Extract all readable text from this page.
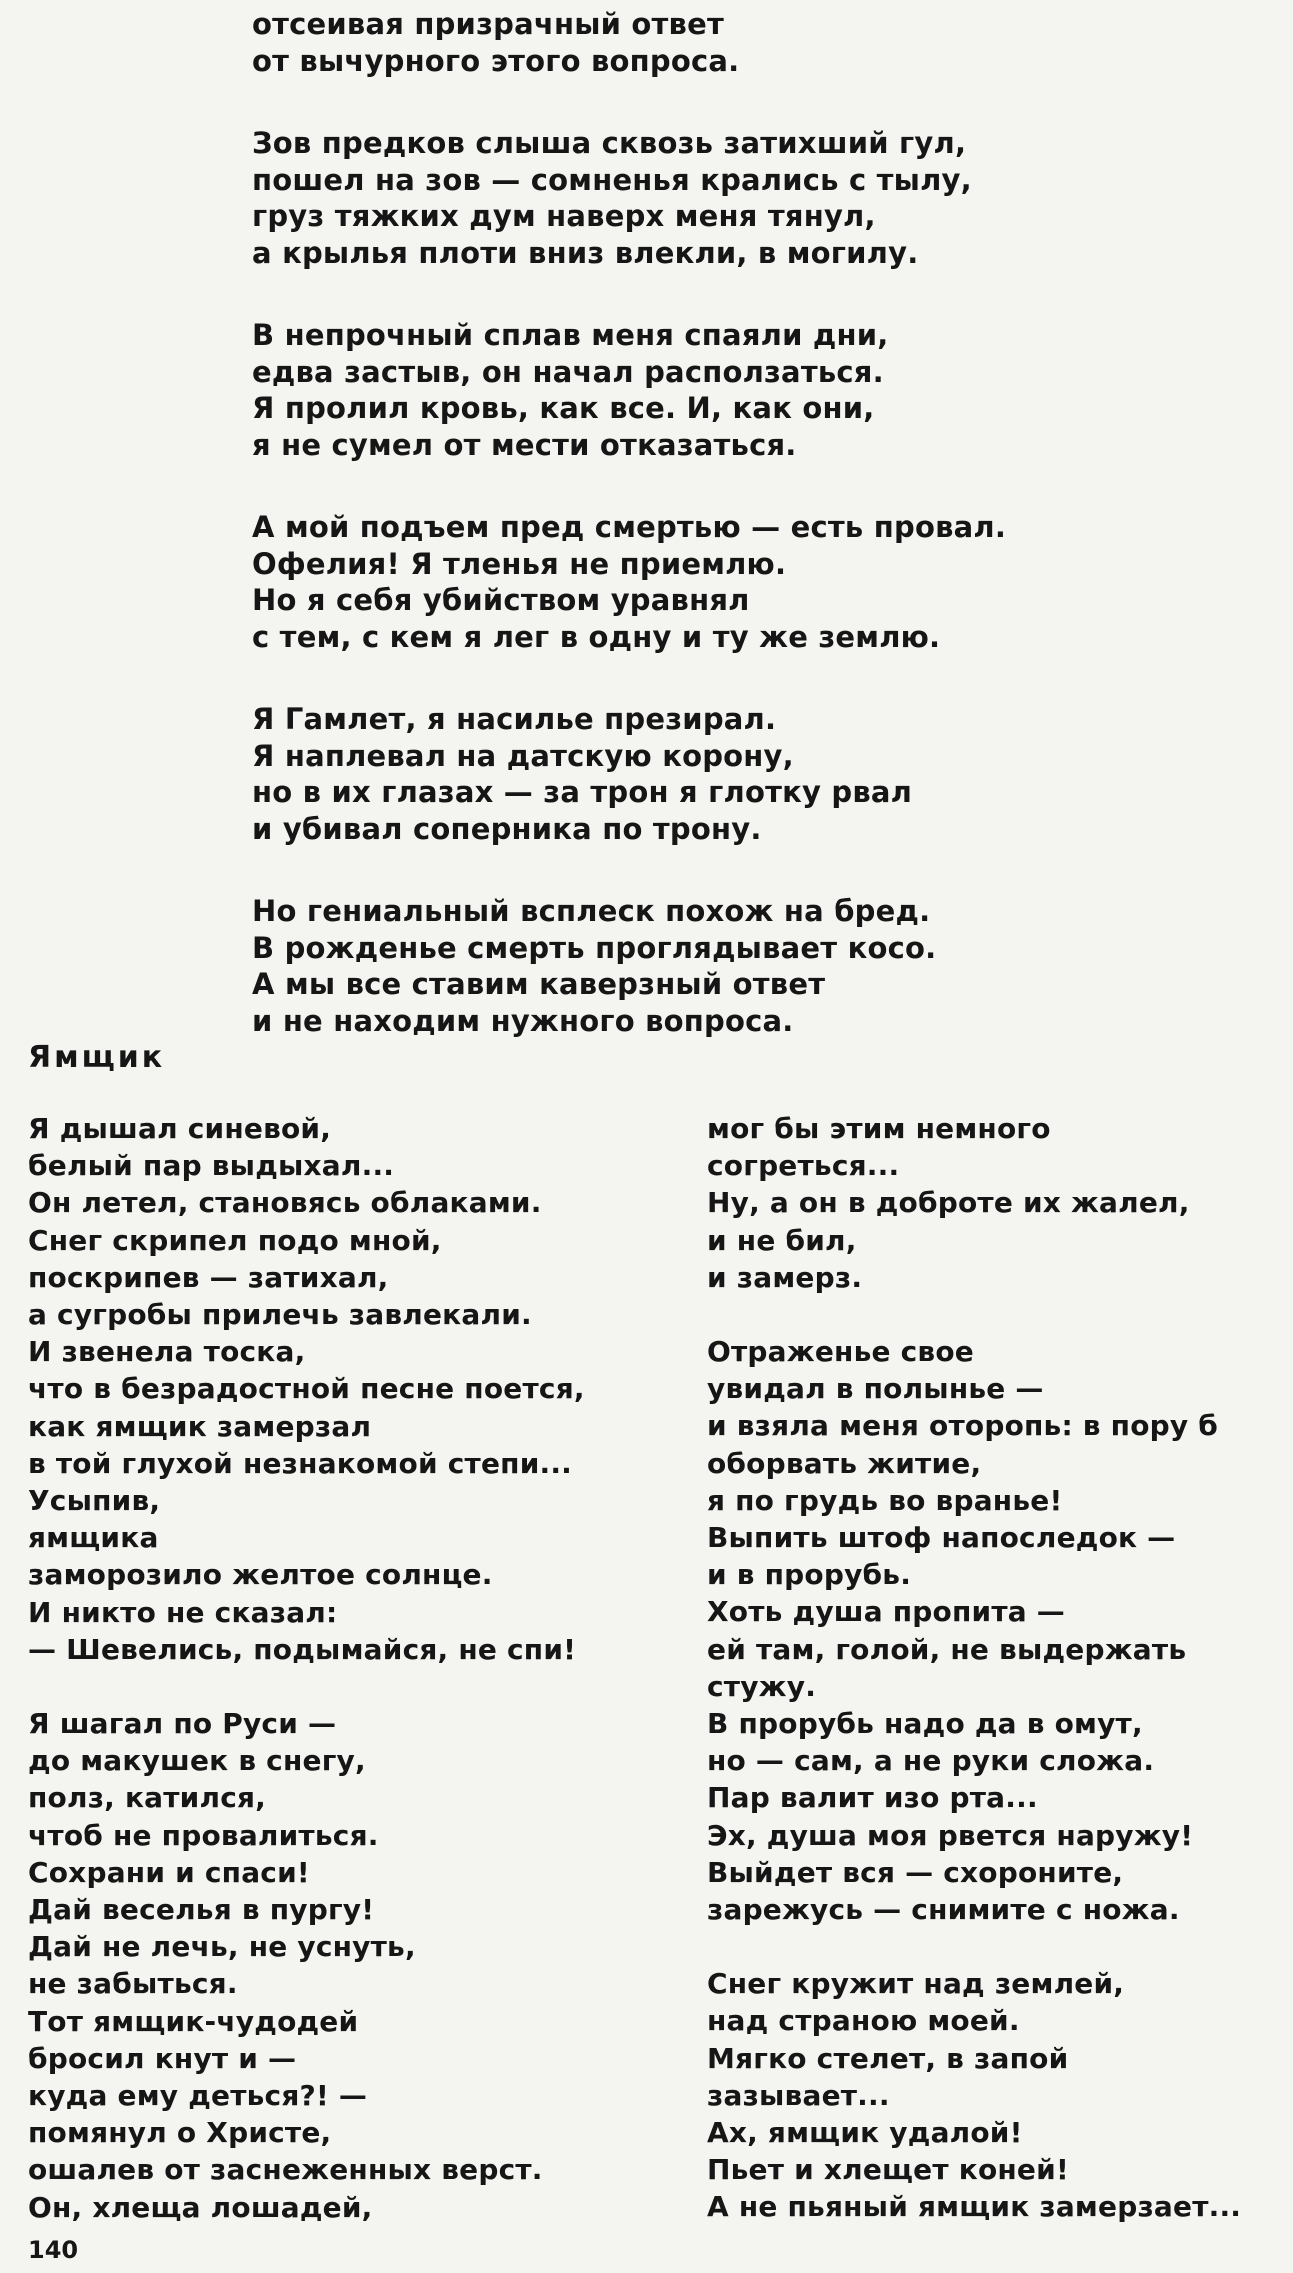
отсеивая призрачный ответ
от вычурного этого вопроса.
Зов предков слыша сквозь затихший гул,
пошел на зов — сомненья крались с тылу,
груз тяжких дум наверх меня тянул,
а крылья плоти вниз влекли, в могилу.
В непрочный сплав меня спаяли дни,
едва застыв, он начал расползаться.
Я пролил кровь, как все. И, как они,
я не сумел от мести отказаться.
А мой подъем пред смертью — есть провал.
Офелия! Я тленья не приемлю.
Но я себя убийством уравнял
с тем, с кем я лег в одну и ту же землю.
Я Гамлет, я насилье презирал.
Я наплевал на датскую корону,
но в их глазах — за трон я глотку рвал
и убивал соперника по трону.
Но гениальный всплеск похож на бред.
В рожденье смерть проглядывает косо.
А мы все ставим каверзный ответ
и не находим нужного вопроса.
Ямщик
Я дышал синевой,
белый пар выдыхал...
Он летел, становясь облаками.
Снег скрипел подо мной,
поскрипев — затихал,
а сугробы прилечь завлекали.
И звенела тоска,
что в безрадостной песне поется,
как ямщик замерзал
в той глухой незнакомой степи...
Усыпив,
ямщика
заморозило желтое солнце.
И никто не сказал:
— Шевелись, подымайся, не спи!
Я шагал по Руси —
до макушек в снегу,
полз, катился,
чтоб не провалиться.
Сохрани и спаси!
Дай веселья в пургу!
Дай не лечь, не уснуть,
не забыться.
Тот ямщик-чудодей
бросил кнут и —
куда ему деться?! —
помянул о Христе,
ошалев от заснеженных верст.
Он, хлеща лошадей,
мог бы этим немного
согреться...
Ну, а он в доброте их жалел,
и не бил,
и замерз.
Отраженье свое
увидал в полынье —
и взяла меня оторопь: в пору б
оборвать житие,
я по грудь во вранье!
Выпить штоф напоследок —
и в прорубь.
Хоть душа пропита —
ей там, голой, не выдержать
стужу.
В прорубь надо да в омут,
но — сам, а не руки сложа.
Пар валит изо рта...
Эх, душа моя рвется наружу!
Выйдет вся — схороните,
зарежусь — снимите с ножа.
Снег кружит над землей,
над страною моей.
Мягко стелет, в запой
зазывает...
Ах, ямщик удалой!
Пьет и хлещет коней!
А не пьяный ямщик замерзает...
140
